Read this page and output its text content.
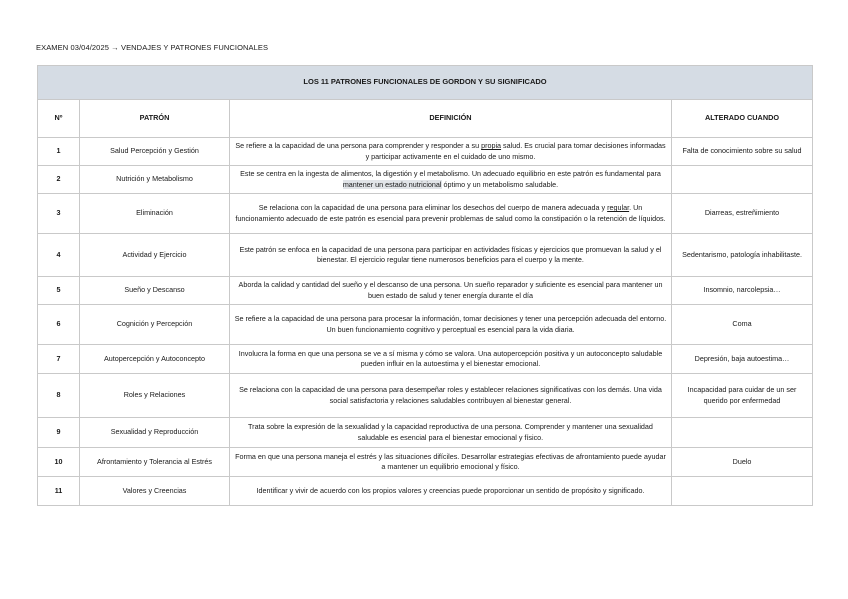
EXAMEN 03/04/2025 → VENDAJES Y PATRONES FUNCIONALES
LOS 11 PATRONES FUNCIONALES DE GORDON Y SU SIGNIFICADO			
Nº	PATRÓN	DEFINICIÓN	ALTERADO CUANDO
1	Salud Percepción y Gestión	Se refiere a la capacidad de una persona para comprender y responder a su propia salud. Es crucial para tomar decisiones informadas y participar activamente en el cuidado de uno mismo.	Falta de conocimiento sobre su salud
2	Nutrición y Metabolismo	Este se centra en la ingesta de alimentos, la digestión y el metabolismo. Un adecuado equilibrio en este patrón es fundamental para mantener un estado nutricional óptimo y un metabolismo saludable.	
3	Eliminación	Se relaciona con la capacidad de una persona para eliminar los desechos del cuerpo de manera adecuada y regular. Un funcionamiento adecuado de este patrón es esencial para prevenir problemas de salud como la constipación o la retención de líquidos.	Diarreas, estreñimiento
4	Actividad y Ejercicio	Este patrón se enfoca en la capacidad de una persona para participar en actividades físicas y ejercicios que promuevan la salud y el bienestar. El ejercicio regular tiene numerosos beneficios para el cuerpo y la mente.	Sedentarismo, patología inhabilitaste.
5	Sueño y Descanso	Aborda la calidad y cantidad del sueño y el descanso de una persona. Un sueño reparador y suficiente es esencial para mantener un buen estado de salud y tener energía durante el día	Insomnio, narcolepsia…
6	Cognición y Percepción	Se refiere a la capacidad de una persona para procesar la información, tomar decisiones y tener una percepción adecuada del entorno. Un buen funcionamiento cognitivo y perceptual es esencial para la vida diaria.	Coma
7	Autopercepción y Autoconcepto	Involucra la forma en que una persona se ve a sí misma y cómo se valora. Una autopercepción positiva y un autoconcepto saludable pueden influir en la autoestima y el bienestar emocional.	Depresión, baja autoestima…
8	Roles y Relaciones	Se relaciona con la capacidad de una persona para desempeñar roles y establecer relaciones significativas con los demás. Una vida social satisfactoria y relaciones saludables contribuyen al bienestar general.	Incapacidad para cuidar de un ser querido por enfermedad
9	Sexualidad y Reproducción	Trata sobre la expresión de la sexualidad y la capacidad reproductiva de una persona. Comprender y mantener una sexualidad saludable es esencial para el bienestar emocional y físico.	
10	Afrontamiento y Tolerancia al Estrés	Forma en que una persona maneja el estrés y las situaciones difíciles. Desarrollar estrategias efectivas de afrontamiento puede ayudar a mantener un equilibrio emocional y físico.	Duelo
11	Valores y Creencias	Identificar y vivir de acuerdo con los propios valores y creencias puede proporcionar un sentido de propósito y significado.	
